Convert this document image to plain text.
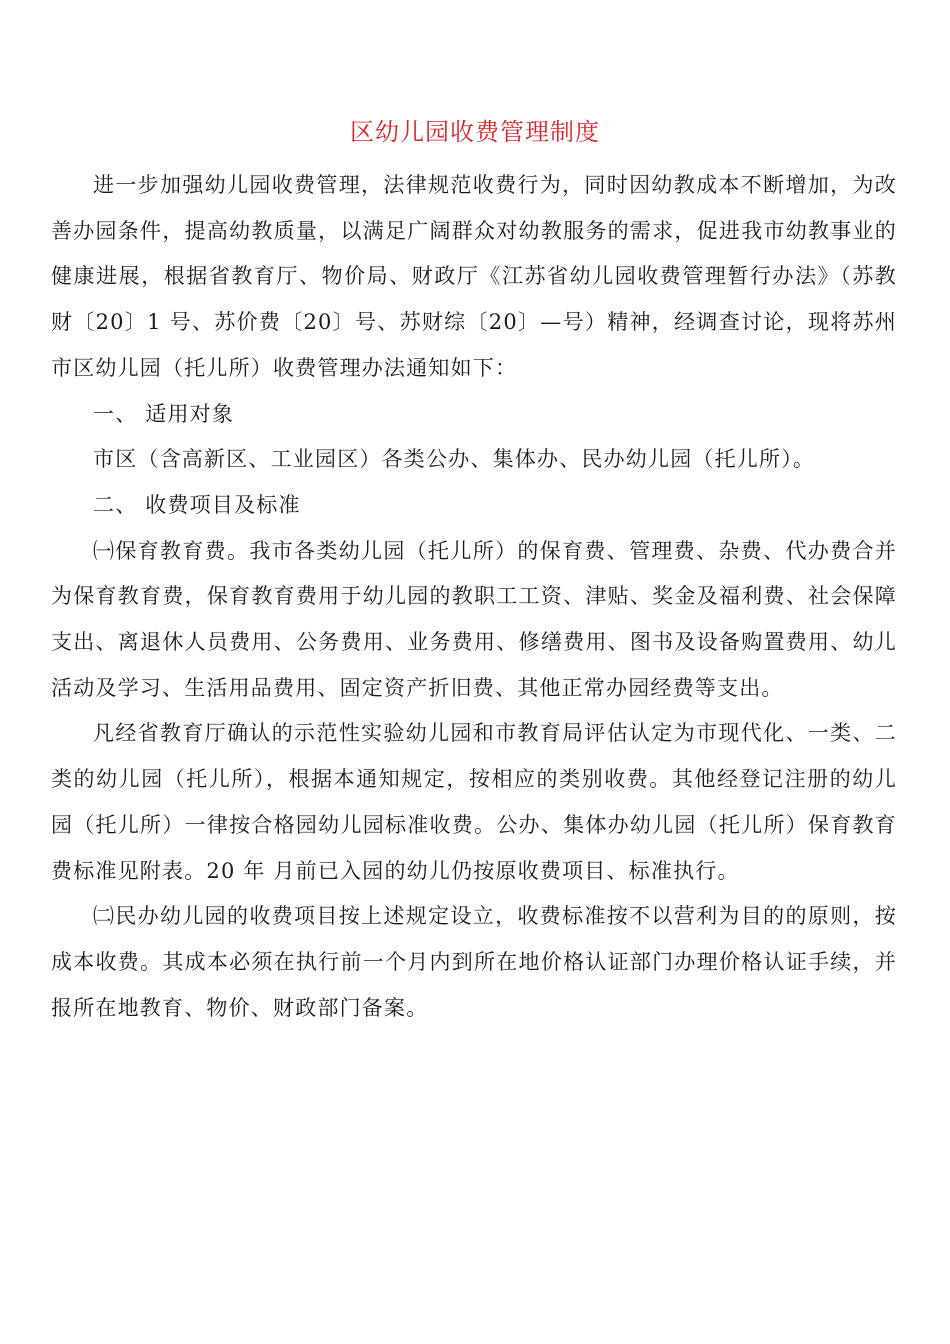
区幼儿园收费管理制度

进一步加强幼儿园收费管理，法律规范收费行为，同时因幼教成本不断增加，为改善办园条件，提高幼教质量，以满足广阔群众对幼教服务的需求，促进我市幼教事业的健康进展，根据省教育厅、物价局、财政厅《江苏省幼儿园收费管理暂行办法》（苏教财〔20〕1 号、苏价费〔20〕号、苏财综〔20〕—号）精神，经调查讨论，现将苏州市区幼儿园（托儿所）收费管理办法通知如下：

一、 适用对象

市区（含高新区、工业园区）各类公办、集体办、民办幼儿园（托儿所）。

二、 收费项目及标准

㈠保育教育费。我市各类幼儿园（托儿所）的保育费、管理费、杂费、代办费合并为保育教育费，保育教育费用于幼儿园的教职工工资、津贴、奖金及福利费、社会保障支出、离退休人员费用、公务费用、业务费用、修缮费用、图书及设备购置费用、幼儿活动及学习、生活用品费用、固定资产折旧费、其他正常办园经费等支出。

凡经省教育厅确认的示范性实验幼儿园和市教育局评估认定为市现代化、一类、二类的幼儿园（托儿所），根据本通知规定，按相应的类别收费。其他经登记注册的幼儿园（托儿所）一律按合格园幼儿园标准收费。公办、集体办幼儿园（托儿所）保育教育费标准见附表。20 年 月前已入园的幼儿仍按原收费项目、标准执行。

㈡民办幼儿园的收费项目按上述规定设立，收费标准按不以营利为目的的原则，按成本收费。其成本必须在执行前一个月内到所在地价格认证部门办理价格认证手续，并报所在地教育、物价、财政部门备案。
